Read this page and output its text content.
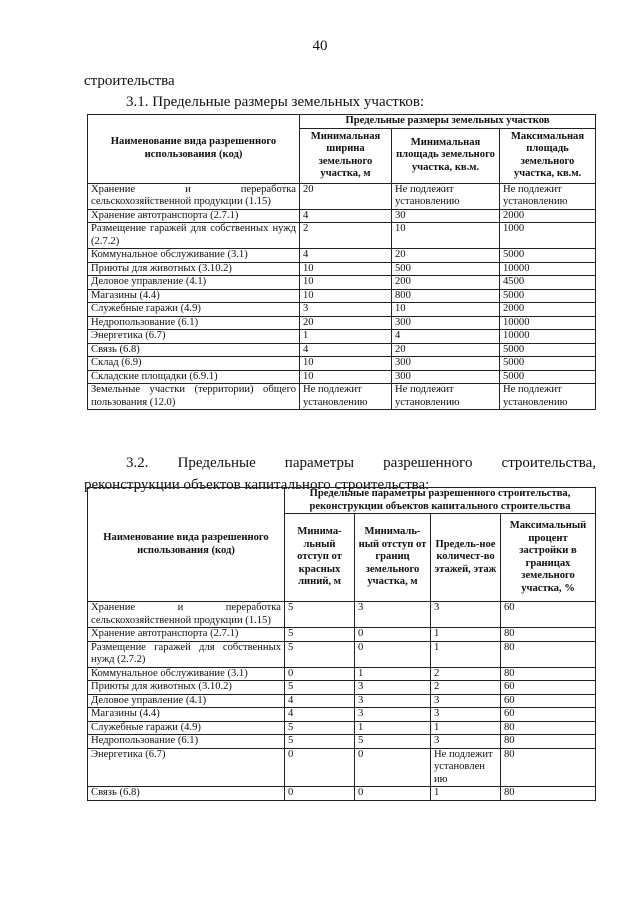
40
строительства
3.1. Предельные размеры земельных участков:
Наименование вида разрешенного использования (код)	Предельные размеры земельных участков		
	Минимальная ширина земельного участка, м	Минимальная площадь земельного участка, кв.м.	Максимальная площадь земельного участка, кв.м.
Хранение и переработка сельскохозяйственной продукции (1.15)	20	Не подлежит установлению	Не подлежит установлению
Хранение автотранспорта (2.7.1)	4	30	2000
Размещение гаражей для собственных нужд (2.7.2)	2	10	1000
Коммунальное обслуживание (3.1)	4	20	5000
Приюты для животных (3.10.2)	10	500	10000
Деловое управление (4.1)	10	200	4500
Магазины (4.4)	10	800	5000
Служебные гаражи (4.9)	3	10	2000
Недропользование (6.1)	20	300	10000
Энергетика (6.7)	1	4	10000
Связь (6.8)	4	20	5000
Склад (6.9)	10	300	5000
Складские площадки (6.9.1)	10	300	5000
Земельные участки (территории) общего пользования (12.0)	Не подлежит установлению	Не подлежит установлению	Не подлежит установлению
3.2. Предельные параметры разрешенного строительства,
реконструкции объектов капитального строительства:
Наименование вида разрешенного использования (код)	Предельные параметры разрешенного строительства, реконструкции объектов капитального строительства			
	Минима-льный отступ от красных линий, м	Минималь-ный отступ от границ земельного участка, м	Предель-ное количест-во этажей, этаж	Максимальный процент застройки в границах земельного участка, %
Хранение и переработка сельскохозяйственной продукции (1.15)	5	3	3	60
Хранение автотранспорта (2.7.1)	5	0	1	80
Размещение гаражей для собственных нужд (2.7.2)	5	0	1	80
Коммунальное обслуживание (3.1)	0	1	2	80
Приюты для животных (3.10.2)	5	3	2	60
Деловое управление (4.1)	4	3	3	60
Магазины (4.4)	4	3	3	60
Служебные гаражи (4.9)	5	1	1	80
Недропользование (6.1)	5	5	3	80
Энергетика (6.7)	0	0	Не подлежит установлен ию	80
Связь (6.8)	0	0	1	80
